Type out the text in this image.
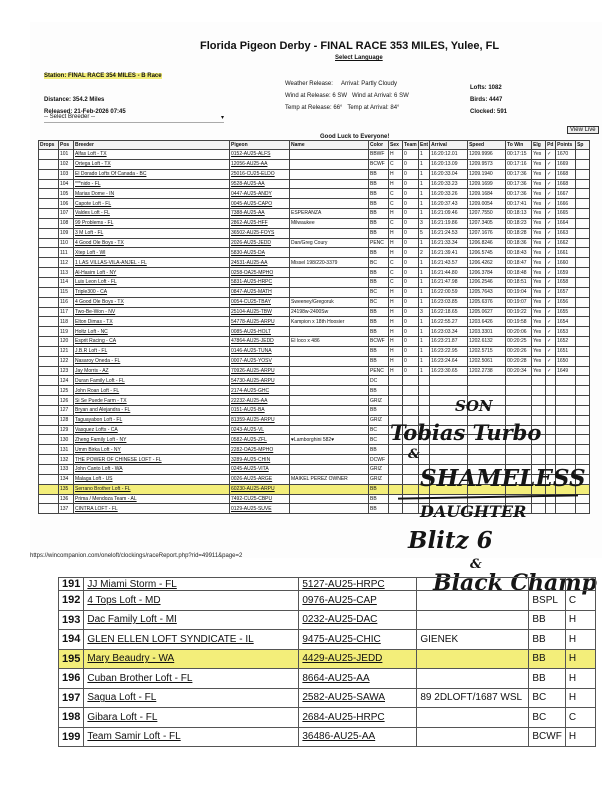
Florida Pigeon Derby - FINAL RACE 353 MILES, Yulee, FL
Select Language
Station: FINAL RACE 354 MILES - B Race

Distance: 354.2 Miles
Released: 21-Feb-2026 07:45
Weather Release: Arrival: Partly Cloudy
Wind at Release: 6 SW Wind at Arrival: 6 SW
Temp at Release: 66° Temp at Arrival: 84°
Lofts: 1082
Birds: 4447
Clocked: 591
-- Select Breeder --	▾
View Live
Good Luck to Everyone!
Drops	Pos	Breeder	Pigeon	Name	Color	Sex	Team	Ent	Arrival	Speed	To Win	Elg	Pd	Points	Sp
	101	Alfas Loft - TX	0152-AU25-ALFS		BBWF	H	0	1	16:20:12.01	1209.9996	00:17:15	Yes	✓	1670	
	102	Ortega Loft - TX	12056-AU25-AA		BCWF	C	0	1	16:20:13.09	1209.9573	00:17:16	Yes	✓	1669	
	103	El Dorado Lofts Of Canada - BC	25016-CU25-ELDO		BB	H	0	1	16:20:33.04	1209.1940	00:17:36	Yes	✓	1668	
	104	***nido - FL	9528-AU25-AA		BB	H	0	1	16:20:33.23	1209.1699	00:17:36	Yes	✓	1668	
	105	Marias Dome - IN	0447-AU25-ANDY		BB	C	0	1	16:20:33.26	1209.1684	00:17:36	Yes	✓	1667	
	106	Capote Loft - FL	0045-AU25-CAPO		BB	C	0	1	16:20:37.43	1209.0054	00:17:41	Yes	✓	1666	
	107	Valdes Loft - FL	7388-AU25-AA	ESPERANZA	BB	H	0	1	16:21:09.46	1207.7550	00:18:13	Yes	✓	1665	
	108	99 Problems - FL	2862-AU25-HFF	Milwaukee	BB	C	0	3	16:21:19.86	1207.3405	00:18:23	Yes	✓	1664	
	109	3 M Loft - FL	36502-AU25-FOYS		BB	H	0	5	16:21:24.53	1207.1676	00:18:28	Yes	✓	1663	
	110	4 Good Ole Boys - TX	2026-AU25-JEDD	Dan/Greg Coury	PENC	H	0	1	16:21:33.34	1206.8246	00:18:36	Yes	✓	1662	
	111	Xtep Loft - WI	5830-AU25-DA		BB	H	0	2	16:21:39.41	1206.5745	00:18:43	Yes	✓	1661	
	112	1 LAS VILLAS-VILA-ANJEL - FL	24531-AU25-AA	Missel 198/220-3379	BC	C	0	1	16:21:43.57	1206.4262	00:18:47	Yes	✓	1660	
	113	Al-Hasim Loft - NY	0258-OA25-MPHO		BB	C	0	1	16:21:44.80	1206.3784	00:18:48	Yes	✓	1659	
	114	Luis Leon Loft - FL	5831-AU25-HRPC		BB	C	0	1	16:21:47.98	1206.2546	00:18:51	Yes	✓	1658	
	115	Triple300 - CA	0847-AU25-MATH		BC	H	0	1	16:22:00.59	1205.7643	00:19:04	Yes	✓	1657	
	116	4 Good Ole Boys - TX	0054-CU25-TBAY	Sweeney/Gregoruk	BC	H	0	1	16:23:03.85	1205.6376	00:19:07	Yes	✓	1656	
	117	Two-Be-Won - NV	25104-AU25-TBW	24198w-2400Sw	BB	H	0	3	16:22:18.65	1205.0627	00:19:22	Yes	✓	1655	
	118	Elton Dimas - TX	54778-AU25-ARPU	Kampion x 18th Hoosier	BB	H	0	1	16:22:55.27	1203.6426	00:19:58	Yes	✓	1654	
	119	Holtz Loft - NC	0085-AU25-HOLT		BB	H	0	1	16:23:03.34	1203.3301	00:20:06	Yes	✓	1653	
	120	Esprit Racing - CA	47864-AU25-JEDD	El loco x 486	BCWF	H	0	1	16:23:21.87	1202.6132	00:20:25	Yes	✓	1652	
	121	J.B.R Loft - FL	0146-AU25-TUNA		BB	H	0	1	16:23:22.95	1202.5715	00:20:26	Yes	✓	1651	
	122	Nasaroy Oneda - FL	0007-AU25-YOSV		BB	H	0	1	16:23:24.64	1202.5061	00:20:28	Yes	✓	1650	
	123	Jay Morris - AZ	70926-AU25-ARPU		PENC	H	0	1	16:23:30.65	1202.2738	00:20:34	Yes	✓	1649	
	124	Duran Family Loft - FL	54730-AU25-ARPU		DC										
	125	John Roan Loft - FL	2174-AU25-GHC		BB										
	126	Si Se Puede Farm - TX	22232-AU25-AA		GRIZ										
	127	Bryan and Alejandra - FL	0151-AU25-BA		BB										
	128	Taguayabon Loft - FL	81359-AU25-ARPU		GRIZ										
	129	Vasquez Lofts - CA	0243-AU25-VL		BC										
	130	Zheng Family Loft - NY	0582-AU25-ZFL	♥Lamborghini 582♥	BC										
	131	Umm Birka Loft - NY	2282-OA25-MPHO		BB										
	132	THE POWER OF CHINESE LOFT - FL	3289-AU25-CHIN		DCWF										
	133	John Canto Loft - WA	0245-AU25-VITA		GRIZ										
	134	Malaga Loft - US	0026-AU25-ARGE	MAIKEL PEREZ OWNER	GRIZ										
	135	Serrano Brother Loft - FL	60230-AU25-ARPU		BB										
	136	Prima / Mendoza Team - AL	7492-CU25-CBPU		BB										
	137	CINTRA LOFT - FL	0129-AU25-SUVE		BB										
https://wincompanion.com/oneloft/clockings/raceReport.php?rid=49911&page=2
SON
Tobias Turbo
&
SHAMELESS
DAUGHTER
Blitz 6
&
Black Champ
191	JJ Miami Storm - FL	5127-AU25-HRPC			
192	4 Tops Loft - MD	0976-AU25-CAP		BSPL	C
193	Dac Family Loft - MI	0232-AU25-DAC		BB	H
194	GLEN ELLEN LOFT SYNDICATE - IL	9475-AU25-CHIC	GIENEK	BB	H
195	Mary Beaudry - WA	4429-AU25-JEDD		BB	H
196	Cuban Brother Loft - FL	8664-AU25-AA		BB	H
197	Sagua Loft - FL	2582-AU25-SAWA	89 2DLOFT/1687 WSL	BC	H
198	Gibara Loft - FL	2684-AU25-HRPC		BC	C
199	Team Samir Loft - FL	36486-AU25-AA		BCWF	H
